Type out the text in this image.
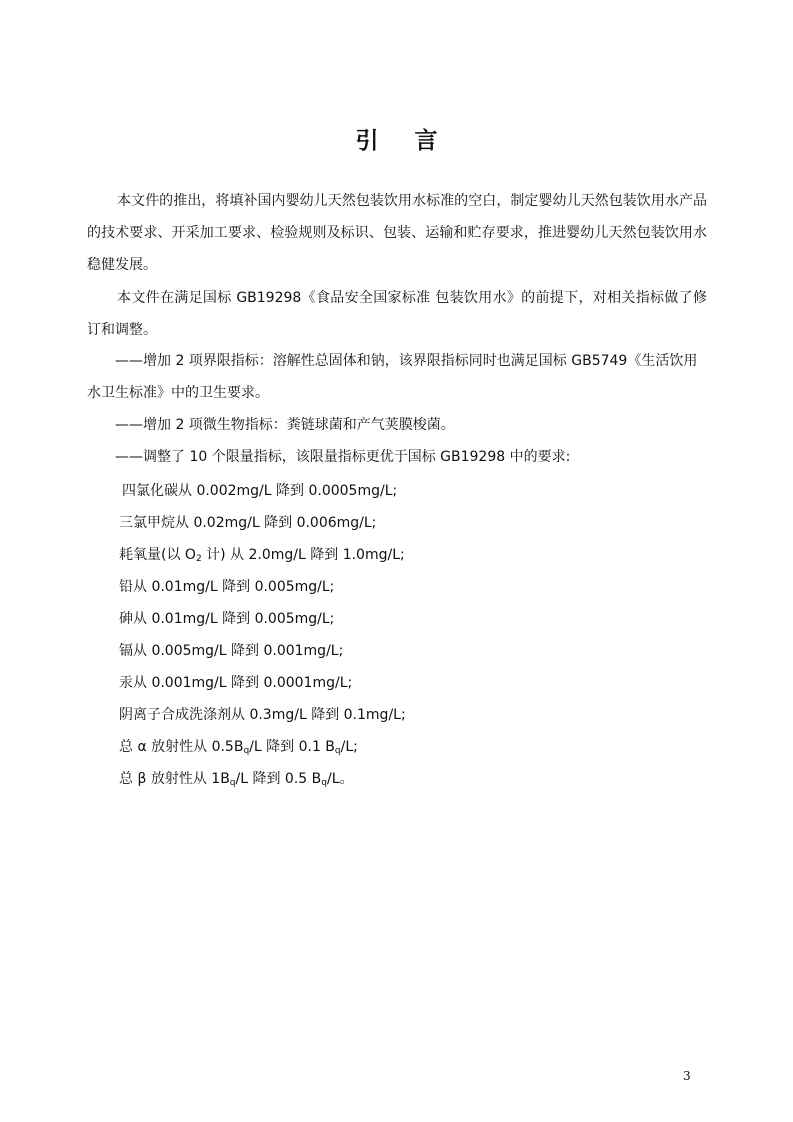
引 言

本文件的推出，将填补国内婴幼儿天然包装饮用水标准的空白，制定婴幼儿天然包装饮用水产品的技术要求、开采加工要求、检验规则及标识、包装、运输和贮存要求，推进婴幼儿天然包装饮用水稳健发展。

本文件在满足国标 GB19298《食品安全国家标准 包装饮用水》的前提下，对相关指标做了修订和调整。

——增加 2 项界限指标：溶解性总固体和钠，该界限指标同时也满足国标 GB5749《生活饮用水卫生标准》中的卫生要求。

——增加 2 项微生物指标：粪链球菌和产气荚膜梭菌。

——调整了 10 个限量指标，该限量指标更优于国标 GB19298 中的要求:

四氯化碳从 0.002mg/L 降到 0.0005mg/L;

三氯甲烷从 0.02mg/L 降到 0.006mg/L;

耗氧量(以 $O_2$ 计) 从 2.0mg/L 降到 1.0mg/L;

铅从 0.01mg/L 降到 0.005mg/L;

砷从 0.01mg/L 降到 0.005mg/L;

镉从 0.005mg/L 降到 0.001mg/L;

汞从 0.001mg/L 降到 0.0001mg/L;

阴离子合成洗涤剂从 0.3mg/L 降到 0.1mg/L;

总 α 放射性从 $0.5B_q/L$ 降到 0.1 $B_q/L$;

总 β 放射性从 $1B_q/L$ 降到 0.5 $B_q/L$。

3
